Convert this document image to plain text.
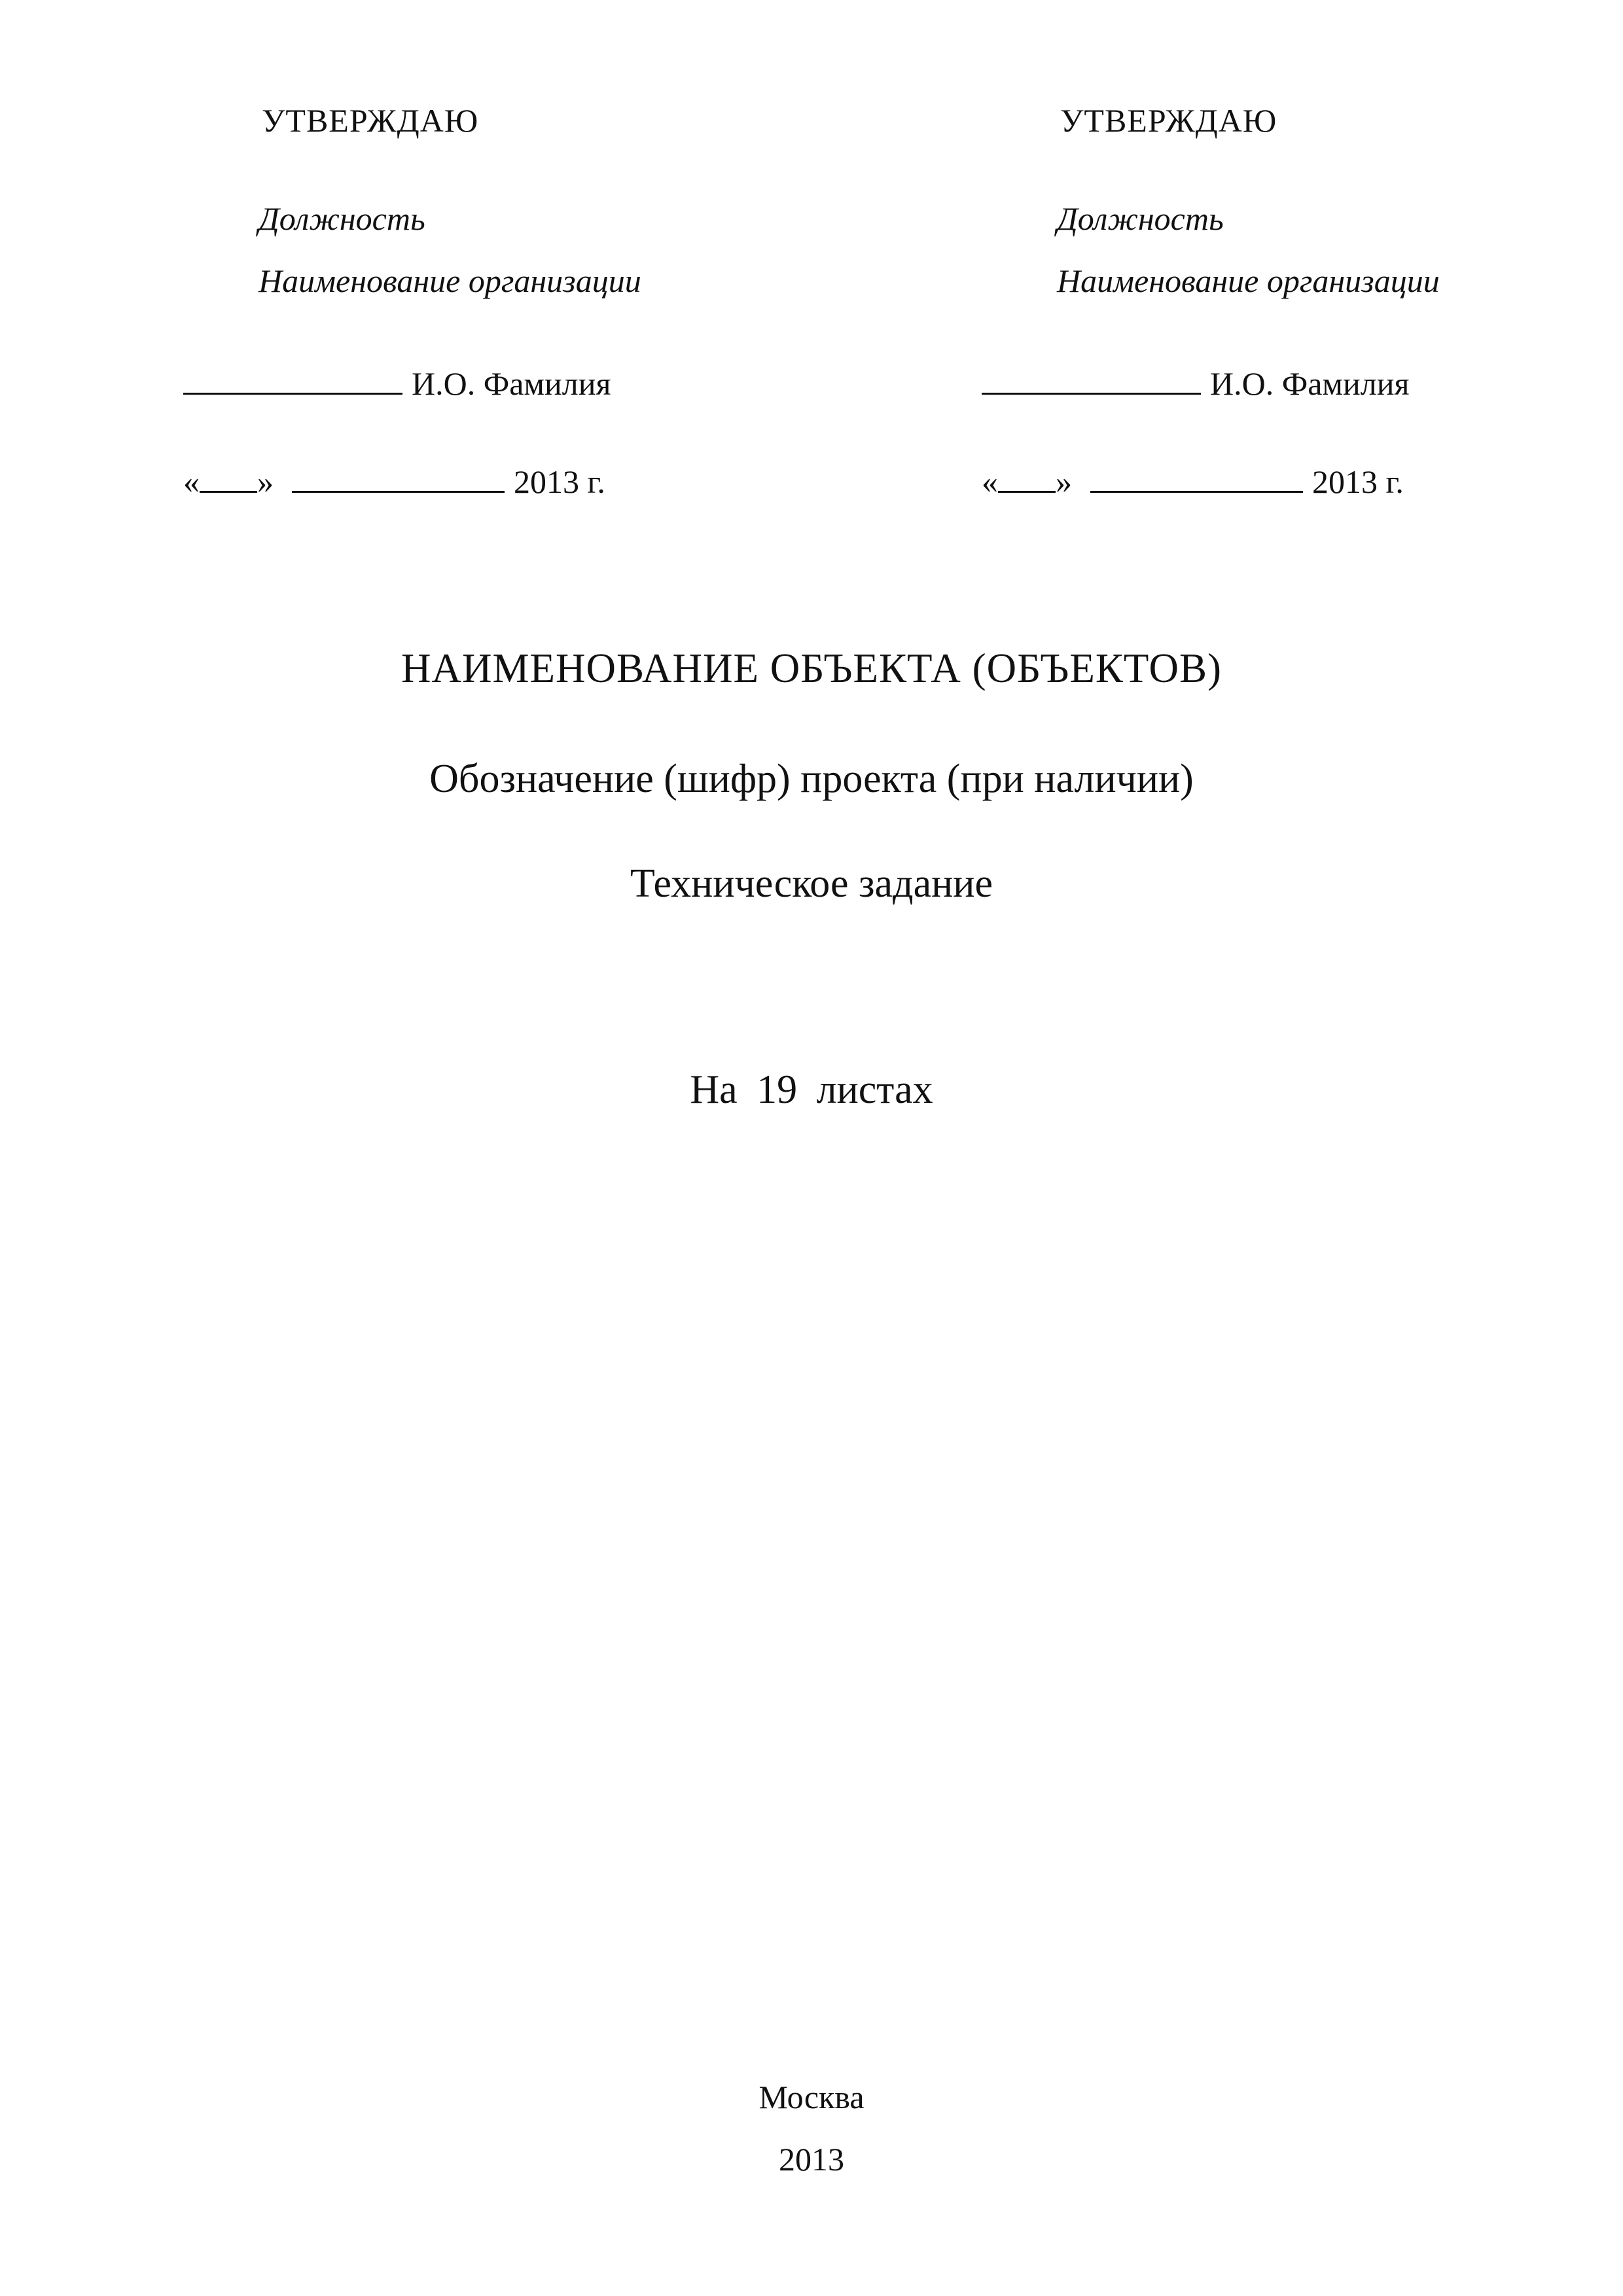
УТВЕРЖДАЮ
Должность
Наименование организации
И.О. Фамилия
« »	2013 г.
УТВЕРЖДАЮ
Должность
Наименование организации
И.О. Фамилия
« »	2013 г.
НАИМЕНОВАНИЕ ОБЪЕКТА (ОБЪЕКТОВ)
Обозначение (шифр) проекта (при наличии)
Техническое задание
На 19 листах
Москва
2013
